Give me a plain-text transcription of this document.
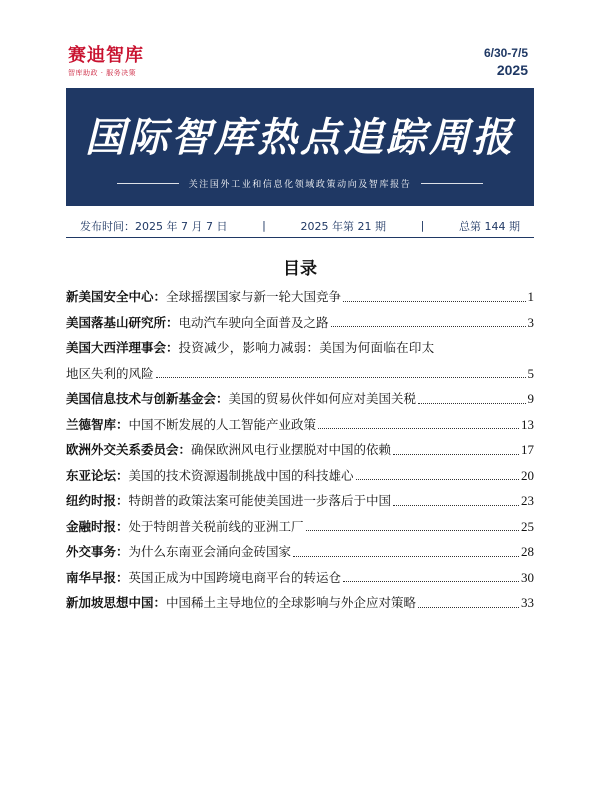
赛迪智库
智库助政 · 服务决策
6/30-7/5
2025
国际智库热点追踪周报
关注国外工业和信息化领域政策动向及智库报告
发布时间：2025 年 7 月 7 日	|	2025 年第 21 期	|	总第 144 期
目录
新美国安全中心： 全球摇摆国家与新一轮大国竞争	1
美国落基山研究所： 电动汽车驶向全面普及之路	3
美国大西洋理事会： 投资减少，影响力减弱：美国为何面临在印太
地区失利的风险	5
美国信息技术与创新基金会： 美国的贸易伙伴如何应对美国关税	9
兰德智库： 中国不断发展的人工智能产业政策	13
欧洲外交关系委员会： 确保欧洲风电行业摆脱对中国的依赖	17
东亚论坛： 美国的技术资源遏制挑战中国的科技雄心	20
纽约时报： 特朗普的政策法案可能使美国进一步落后于中国	23
金融时报： 处于特朗普关税前线的亚洲工厂	25
外交事务： 为什么东南亚会涌向金砖国家	28
南华早报： 英国正成为中国跨境电商平台的转运仓	30
新加坡思想中国： 中国稀土主导地位的全球影响与外企应对策略	33
